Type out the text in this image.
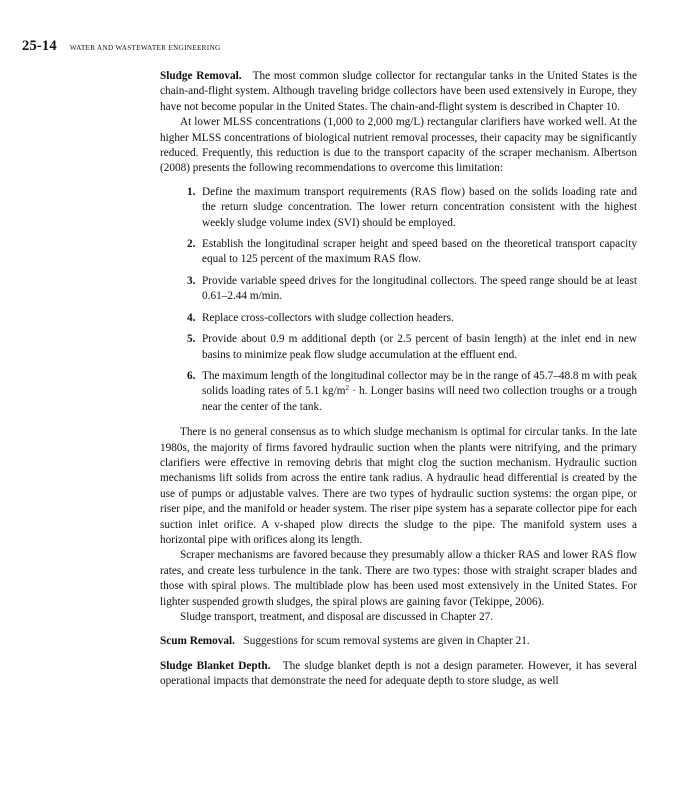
25-14 WATER AND WASTEWATER ENGINEERING

Sludge Removal. The most common sludge collector for rectangular tanks in the United States is the chain-and-flight system. Although traveling bridge collectors have been used extensively in Europe, they have not become popular in the United States. The chain-and-flight system is described in Chapter 10.

At lower MLSS concentrations (1,000 to 2,000 mg/L) rectangular clarifiers have worked well. At the higher MLSS concentrations of biological nutrient removal processes, their capacity may be significantly reduced. Frequently, this reduction is due to the transport capacity of the scraper mechanism. Albertson (2008) presents the following recommendations to overcome this limitation:

1. Define the maximum transport requirements (RAS flow) based on the solids loading rate and the return sludge concentration. The lower return concentration consistent with the highest weekly sludge volume index (SVI) should be employed.
2. Establish the longitudinal scraper height and speed based on the theoretical transport capacity equal to 125 percent of the maximum RAS flow.
3. Provide variable speed drives for the longitudinal collectors. The speed range should be at least 0.61–2.44 m/min.
4. Replace cross-collectors with sludge collection headers.
5. Provide about 0.9 m additional depth (or 2.5 percent of basin length) at the inlet end in new basins to minimize peak flow sludge accumulation at the effluent end.
6. The maximum length of the longitudinal collector may be in the range of 45.7–48.8 m with peak solids loading rates of 5.1 $kg/m^2 \cdot h$. Longer basins will need two collection troughs or a trough near the center of the tank.

There is no general consensus as to which sludge mechanism is optimal for circular tanks. In the late 1980s, the majority of firms favored hydraulic suction when the plants were nitrifying, and the primary clarifiers were effective in removing debris that might clog the suction mechanism. Hydraulic suction mechanisms lift solids from across the entire tank radius. A hydraulic head differential is created by the use of pumps or adjustable valves. There are two types of hydraulic suction systems: the organ pipe, or riser pipe, and the manifold or header system. The riser pipe system has a separate collector pipe for each suction inlet orifice. A v-shaped plow directs the sludge to the pipe. The manifold system uses a horizontal pipe with orifices along its length.

Scraper mechanisms are favored because they presumably allow a thicker RAS and lower RAS flow rates, and create less turbulence in the tank. There are two types: those with straight scraper blades and those with spiral plows. The multiblade plow has been used most extensively in the United States. For lighter suspended growth sludges, the spiral plows are gaining favor (Tekippe, 2006).

Sludge transport, treatment, and disposal are discussed in Chapter 27.

Scum Removal. Suggestions for scum removal systems are given in Chapter 21.

Sludge Blanket Depth. The sludge blanket depth is not a design parameter. However, it has several operational impacts that demonstrate the need for adequate depth to store sludge, as well
